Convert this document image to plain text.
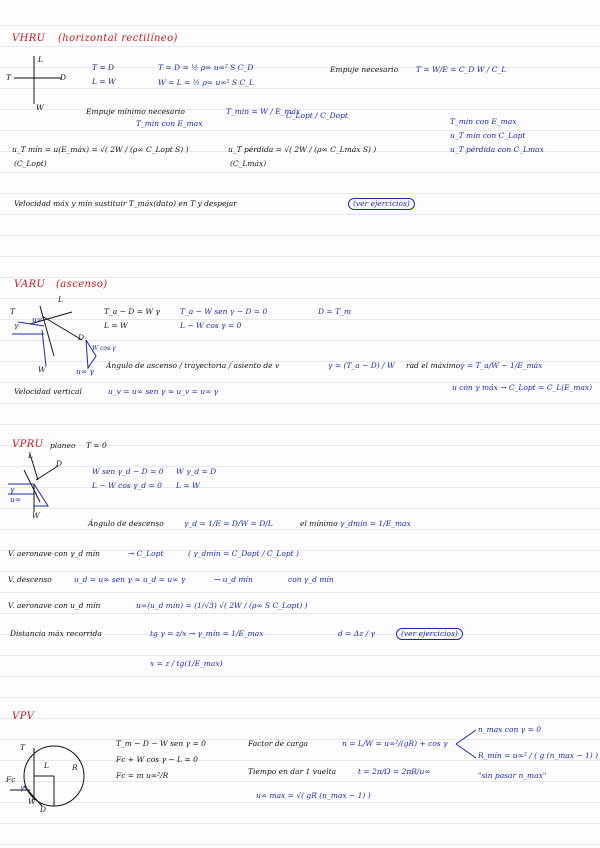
VHRU (horizontal rectilíneo)
L
T	D
W
T = D
L = W
T = D = ½ ρ∞ u∞² S C_D
W = L = ½ ρ∞ u∞² S C_L
Empuje necesario T = W/E = C_D W / C_L
Empuje mínimo necesario	T_min = W / E_máx
C_Lopt / C_Dopt
T_min con E_max
u_T mín = u(E_máx) = √( 2W / (ρ∞ C_Lopt S) )
(C_Lopt)
u_T pérdida = √( 2W / (ρ∞ C_Lmáx S) )
(C_Lmáx)
T_min con E_max
u_T mín con C_Lopt
u_T pérdida con C_Lmax
Velocidad máx y mín sustituir T_máx(dato) en T y despejar	(ver ejercicios)
VARU (ascenso)
T
L
D
W
γ
u∞
u∞ γ
W cos γ
T_a − D = W γ
L = W
T_a − W sen γ − D = 0
L − W cos γ = 0
D = T_m
Ángulo de ascenso / trayectoria / asiento de v	γ = (T_a − D) / W rad el máximo γ = T_a/W − 1/E_máx
u con γ máx → C_Lopt = C_L(E_max)
Velocidad vertical	u_v = u∞ sen γ ≈ u_v = u∞ γ
VPRU planeo T = 0
L
D
W
γ
u∞
W sen γ_d − D = 0
L − W cos γ_d = 0
W γ_d = D
L = W
Ángulo de descenso	γ_d = 1/E = D/W = D/L	el mínimo γ_dmín = 1/E_max
V. aeronave con γ_d mín	→ C_Lopt	( γ_dmín = C_Dopt / C_Lopt )
V. descenso	u_d = u∞ sen γ ≈ u_d = u∞ γ	→ u_d mín	con γ_d mín
V. aeronave con u_d mín	u∞(u_d mín) = (1/√3) √( 2W / (ρ∞ S C_Lopt) )
Distancia máx recorrida	tg γ = z/x → γ_mín = 1/E_max	d = Δz / γ	(ver ejercicios)
x = z / tg(1/E_max)
VPV
T
L	R
Fc
W
D
γ
T_m − D − W sen γ = 0
Fc + W cos γ − L = 0
Fc = m u∞²/R
Factor de carga	n = L/W = u∞²/(gR) + cos γ
n_max con γ = 0
R_mín = u∞² / ( g (n_max − 1) )
"sin pasar n_max"
Tiempo en dar 1 vuelta	t = 2π/Ω = 2πR/u∞
u∞ max = √( gR (n_max − 1) )
